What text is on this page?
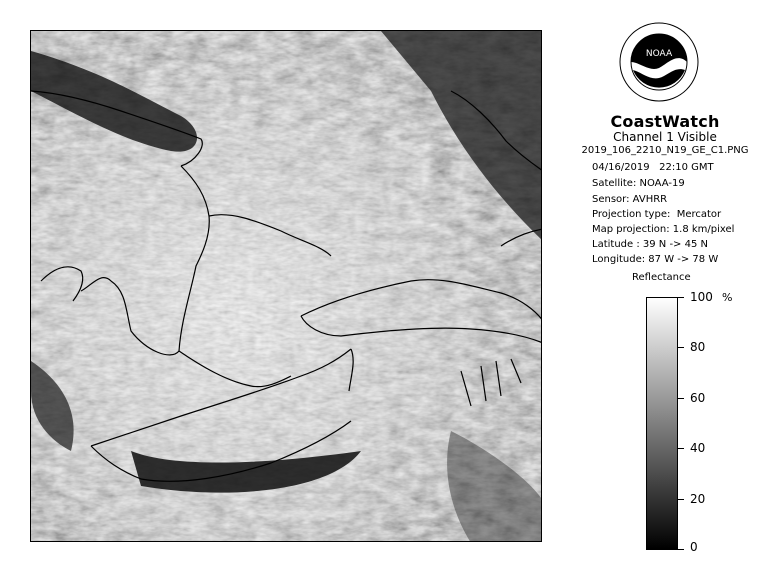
NOAA
CoastWatch
Channel 1 Visible
2019_106_2210_N19_GE_C1.PNG
04/16/2019   22:10 GMT
Satellite: NOAA-19
Sensor: AVHRR
Projection type:  Mercator
Map projection: 1.8 km/pixel
Latitude : 39 N -> 45 N
Longitude: 87 W -> 78 W
Reflectance
%
100
80
60
40
20
0
